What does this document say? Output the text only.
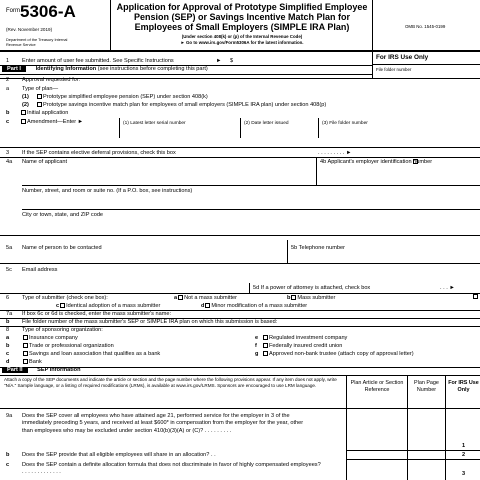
Form 5306-A
(Rev. November 2019)
Department of the Treasury Internal Revenue Service
Application for Approval of Prototype Simplified Employee Pension (SEP) or Savings Incentive Match Plan for Employees of Small Employers (SIMPLE IRA Plan)
(Under section 408(k) or (p) of the Internal Revenue Code)
► Go to www.irs.gov/Form5306A for the latest information.
OMB No. 1545-0199
For IRS Use Only
File folder number
1 Enter amount of user fee submitted. See Specific Instructions	► $
Part I	Identifying Information (see instructions before completing this part)
2 Approval requested for:
a Type of plan—
(1)	Prototype simplified employee pension (SEP) under section 408(k)
(2)	Prototype savings incentive match plan for employees of small employers (SIMPLE IRA plan) under section 408(p)
b	Initial application
c	Amendment—Enter ►	(1) Latest letter serial number	(2) Date letter issued	(3) File folder number
3 If the SEP contains elective deferral provisions, check this box	. . . . . . . . . ►
4a Name of applicant	4b Applicant's employer identification number
Number, street, and room or suite no. (If a P.O. box, see instructions)
City or town, state, and ZIP code
5a Name of person to be contacted	5b Telephone number
5c Email address
5d If a power of attorney is attached, check box	. . . ►
6 Type of submitter (check one box):	a Not a mass submitter	b Mass submitter
c Identical adoption of a mass submitter	d Minor modification of a mass submitter
7a If box 6c or 6d is checked, enter the mass submitter's name:
b File folder number of the mass submitter's SEP or SIMPLE IRA plan on which this submission is based:
8 Type of sponsoring organization:
a	Insurance company
b	Trade or professional organization
c	Savings and loan association that qualifies as a bank
d	Bank
e	Regulated investment company
f	Federally insured credit union
g	Approved non-bank trustee (attach copy of approval letter)
Part II	SEP Information
Attach a copy of the SEP documents and indicate the article or section and the page number where the following provisions appear. If any item does not apply, write "N/A." Sample language, or a listing of required modifications (LRMs), is available at www.irs.gov/LRMS. Sponsors are encouraged to use LRM language.	Plan Article or Section Reference
Plan Page Number
For IRS Use Only
9a Does the SEP cover all employees who have attained age 21, performed service for the employer in 3 of the immediately preceding 5 years, and received at least $600* in compensation from the employer for the year, other than employees who may be excluded under section 410(b)(3)(A) or (C)? . . . . . . . . .
1
b Does the SEP provide that all eligible employees will share in an allocation? . .	2
c Does the SEP contain a definite allocation formula that does not discriminate in favor of highly compensated employees? . . . . . . . . . . . . .	3
